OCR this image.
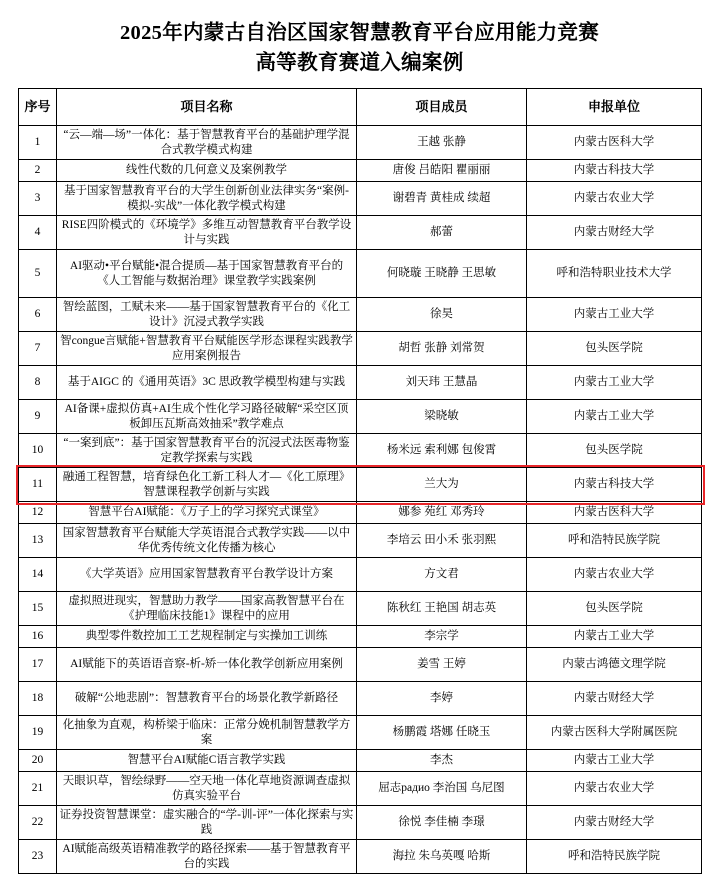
2025年内蒙古自治区国家智慧教育平台应用能力竞赛
高等教育赛道入编案例
序号	项目名称	项目成员	申报单位
1	“云—端—场”一体化：基于智慧教育平台的基础护理学混合式教学模式构建	王越 张静	内蒙古医科大学
2	线性代数的几何意义及案例教学	唐俊 吕皓阳 瞿丽丽	内蒙古科技大学
3	基于国家智慧教育平台的大学生创新创业法律实务“案例-模拟-实战”一体化教学模式构建	谢碧青 黄桂成 续超	内蒙古农业大学
4	RISE四阶模式的《环境学》多维互动智慧教育平台教学设计与实践	郝蕾	内蒙古财经大学
5	AI驱动•平台赋能•混合提质—基于国家智慧教育平台的《人工智能与数据治理》课堂教学实践案例	何晓璇 王晓静 王思敏	呼和浩特职业技术大学
6	智绘蓝图，工赋未来——基于国家智慧教育平台的《化工设计》沉浸式教学实践	徐昊	内蒙古工业大学
7	智congue言赋能+智慧教育平台赋能医学形态课程实践教学应用案例报告	胡哲 张静 刘常贺	包头医学院
8	基于AIGC 的《通用英语》3C 思政教学模型构建与实践	刘天玮 王慧晶	内蒙古工业大学
9	AI备课+虚拟仿真+AI生成个性化学习路径破解“采空区顶板卸压瓦斯高效抽采”教学难点	梁晓敏	内蒙古工业大学
10	“一案到底”：基于国家智慧教育平台的沉浸式法医毒物鉴定教学探索与实践	杨米远 索利娜 包俊霄	包头医学院
11	融通工程智慧，培育绿色化工新工科人才—《化工原理》智慧课程教学创新与实践	兰大为	内蒙古科技大学
12	智慧平台AI赋能：《万子上的学习探究式课堂》	娜参 苑红 邓秀玲	内蒙古医科大学
13	国家智慧教育平台赋能大学英语混合式教学实践——以中华优秀传统文化传播为核心	李培云 田小禾 张羽熙	呼和浩特民族学院
14	《大学英语》应用国家智慧教育平台教学设计方案	方文君	内蒙古农业大学
15	虚拟照进现实，智慧助力教学——国家高教智慧平台在《护理临床技能1》课程中的应用	陈秋红 王艳国 胡志英	包头医学院
16	典型零件数控加工工艺规程制定与实操加工训练	李宗学	内蒙古工业大学
17	AI赋能下的英语语音察-析-矫一体化教学创新应用案例	姜雪 王婷	内蒙古鸿德文理学院
18	破解“公地悲剧”：智慧教育平台的场景化教学新路径	李婷	内蒙古财经大学
19	化抽象为直观，构桥梁于临床：正常分娩机制智慧教学方案	杨鹏霞 塔娜 任晓玉	内蒙古医科大学附属医院
20	智慧平台AI赋能C语言教学实践	李杰	内蒙古工业大学
21	天眼识草，智绘绿野——空天地一体化草地资源调查虚拟仿真实验平台	屈志радио 李治国 乌尼图	内蒙古农业大学
22	证券投资智慧课堂：虚实融合的“学-训-评”一体化探索与实践	徐悦 李佳楠 李璟	内蒙古财经大学
23	AI赋能高级英语精准教学的路径探索——基于智慧教育平台的实践	海拉 朱乌英嘎 哈斯	呼和浩特民族学院
